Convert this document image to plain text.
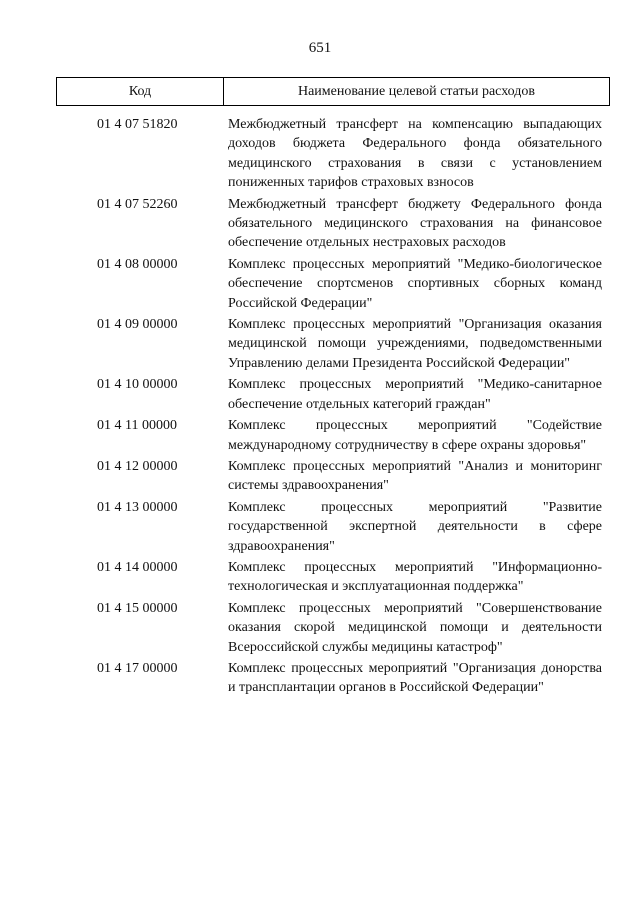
651
Код	Наименование целевой статьи расходов
01 4 07 51820	Межбюджетный трансферт на компенсацию выпадающих доходов бюджета Федерального фонда обязательного медицинского страхования в связи с установлением пониженных тарифов страховых взносов
01 4 07 52260	Межбюджетный трансферт бюджету Федерального фонда обязательного медицинского страхования на финансовое обеспечение отдельных нестраховых расходов
01 4 08 00000	Комплекс процессных мероприятий "Медико-биологическое обеспечение спортсменов спортивных сборных команд Российской Федерации"
01 4 09 00000	Комплекс процессных мероприятий "Организация оказания медицинской помощи учреждениями, подведомственными Управлению делами Президента Российской Федерации"
01 4 10 00000	Комплекс процессных мероприятий "Медико-санитарное обеспечение отдельных категорий граждан"
01 4 11 00000	Комплекс процессных мероприятий "Содействие международному сотрудничеству в сфере охраны здоровья"
01 4 12 00000	Комплекс процессных мероприятий "Анализ и мониторинг системы здравоохранения"
01 4 13 00000	Комплекс процессных мероприятий "Развитие государственной экспертной деятельности в сфере здравоохранения"
01 4 14 00000	Комплекс процессных мероприятий "Информационно-технологическая и эксплуатационная поддержка"
01 4 15 00000	Комплекс процессных мероприятий "Совершенствование оказания скорой медицинской помощи и деятельности Всероссийской службы медицины катастроф"
01 4 17 00000	Комплекс процессных мероприятий "Организация донорства и трансплантации органов в Российской Федерации"
